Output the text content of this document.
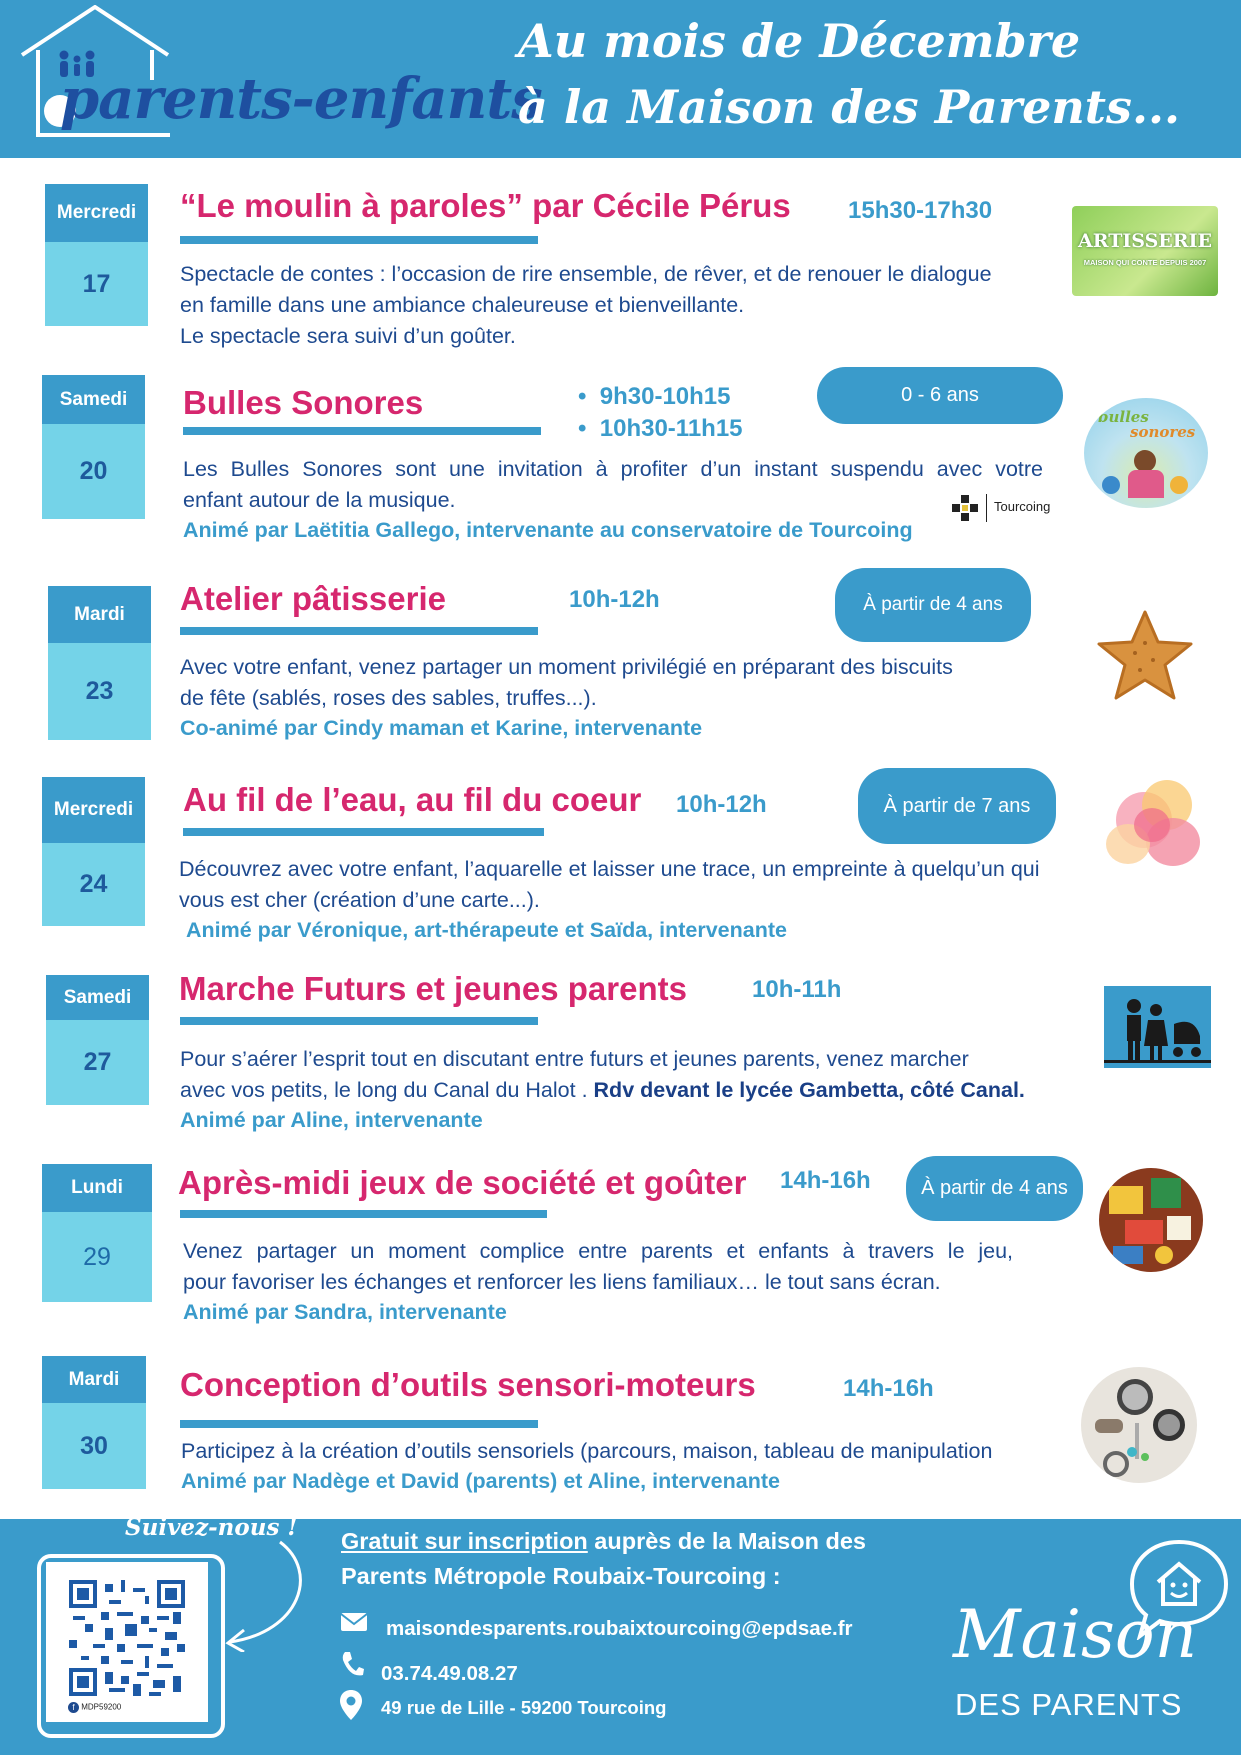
parents-enfants
Au mois de Décembre
à la Maison des Parents...
Mercredi
17
“Le moulin à paroles” par Cécile Pérus 15h30-17h30
Spectacle de contes : l’occasion de rire ensemble, de rêver, et de renouer le dialogue
en famille dans une ambiance chaleureuse et bienveillante.
Le spectacle sera suivi d’un goûter.
ARTISSERIE
MAISON QUI CONTE DEPUIS 2007
Samedi
20
Bulles Sonores	•  9h30-10h15
•  10h30-11h15
0 - 6 ans
Les Bulles Sonores sont une invitation à profiter d’un instant suspendu avec votre
enfant autour de la musique.
Animé par Laëtitia Gallego, intervenante au conservatoire de Tourcoing
Tourcoing
bulles
sonores
Mardi
23
Atelier pâtisserie	10h-12h	À partir de 4 ans
Avec votre enfant, venez partager un moment privilégié en préparant des biscuits
de fête (sablés, roses des sables, truffes...).
Co-animé par Cindy maman et Karine, intervenante
Mercredi
24
Au fil de l’eau, au fil du coeur 10h-12h	À partir de 7 ans
Découvrez avec votre enfant, l’aquarelle et laisser une trace, un empreinte à quelqu’un qui
vous est cher (création d’une carte...).
Animé par Véronique, art-thérapeute et Saïda, intervenante
Samedi
27
Marche Futurs et jeunes parents	10h-11h
Pour s’aérer l’esprit tout en discutant entre futurs et jeunes parents, venez marcher
avec vos petits, le long du Canal du Halot . Rdv devant le lycée Gambetta, côté Canal.
Animé par Aline, intervenante
Lundi
29
Après-midi jeux de société et goûter 14h-16h	À partir de 4 ans
Venez partager un moment complice entre parents et enfants à travers le jeu,
pour favoriser les échanges et renforcer les liens familiaux… le tout sans écran.
Animé par Sandra, intervenante
Mardi
30
Conception d’outils sensori-moteurs	14h-16h
Participez à la création d’outils sensoriels (parcours, maison, tableau de manipulation
Animé par Nadège et David (parents) et Aline, intervenante
Suivez-nous !
f MDP59200
Gratuit sur inscription auprès de la Maison des
Parents Métropole Roubaix-Tourcoing :
maisondesparents.roubaixtourcoing@epdsae.fr
03.74.49.08.27
49 rue de Lille - 59200 Tourcoing
Maison
DES PARENTS
